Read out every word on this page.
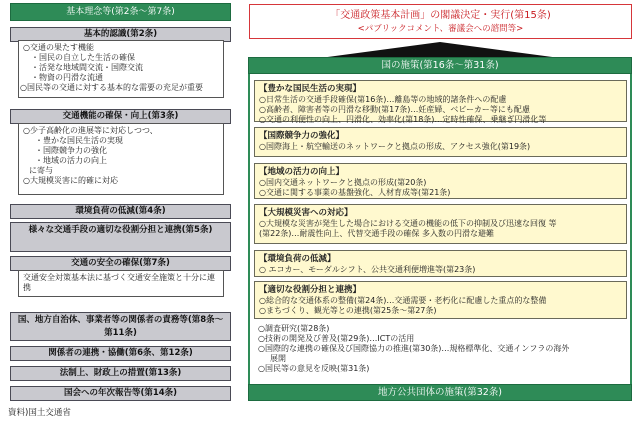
基本理念等(第2条〜第7条)
基本的認識(第2条)
○交通の果たす機能
・国民の自立した生活の確保
・活発な地域間交流・国際交流
・物資の円滑な流通
○国民等の交通に対する基本的な需要の充足が重要
交通機能の確保・向上(第3条)
○少子高齢化の進展等に対応しつつ、
・豊かな国民生活の実現
・国際競争力の強化
・地域の活力の向上
に寄与
○大規模災害に的確に対応
環境負荷の低減(第4条)
様々な交通手段の適切な役割分担と連携(第5条)
交通の安全の確保(第7条)
交通安全対策基本法に基づく交通安全施策と十分に連携
国、地方自治体、事業者等の関係者の責務等(第8条〜第11条)
関係者の連携・協働(第6条、第12条)
法制上、財政上の措置(第13条)
国会への年次報告等(第14条)
資料)国土交通省
「交通政策基本計画」の閣議決定・実行(第15条)
<パブリックコメント、審議会への諮問等>
国の施策(第16条〜第31条)
【豊かな国民生活の実現】
○日常生活の交通手段確保(第16条)…離島等の地域的諸条件への配慮
○高齢者、障害者等の円滑な移動(第17条)…妊産婦、ベビーカー等にも配慮
○交通の利便性の向上、円滑化、効率化(第18条)…定時性確保、乗継ぎ円滑化等
【国際競争力の強化】
○国際海上・航空輸送のネットワークと拠点の形成、アクセス強化(第19条)
【地域の活力の向上】
○国内交通ネットワークと拠点の形成(第20条)
○交通に関する事業の基盤強化、人材育成等(第21条)
【大規模災害への対応】
○大規模な災害が発生した場合における交通の機能の低下の抑制及び迅速な回復 等
(第22条)…耐震性向上、代替交通手段の確保 多入数の円滑な避難
【環境負荷の低減】
○ エコカー、モーダルシフト、公共交通利便増進等(第23条)
【適切な役割分担と連携】
○総合的な交通体系の整備(第24条)…交通需要・老朽化に配慮した重点的な整備
○まちづくり、観光等との連携(第25条〜第27条)
○調査研究(第28条)
○技術の開発及び普及(第29条)…ICTの活用
○国際的な連携の確保及び国際協力の推進(第30条)…規格標準化、交通インフラの海外
展開
○国民等の意見を反映(第31条)
地方公共団体の施策(第32条)
